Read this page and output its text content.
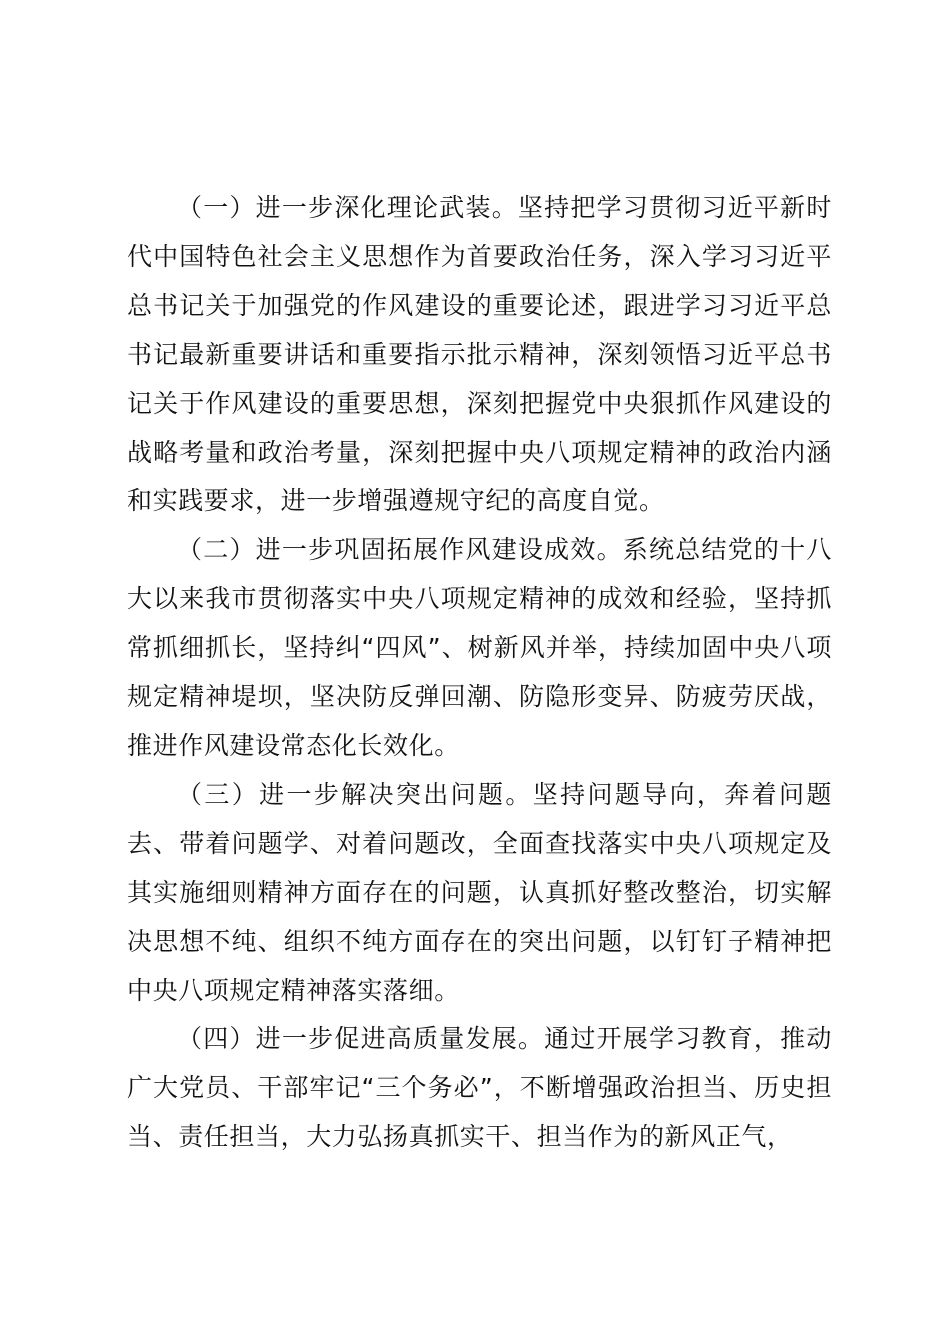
（一）进一步深化理论武装。坚持把学习贯彻习近平新时代中国特色社会主义思想作为首要政治任务，深入学习习近平总书记关于加强党的作风建设的重要论述，跟进学习习近平总书记最新重要讲话和重要指示批示精神，深刻领悟习近平总书记关于作风建设的重要思想，深刻把握党中央狠抓作风建设的战略考量和政治考量，深刻把握中央八项规定精神的政治内涵和实践要求，进一步增强遵规守纪的高度自觉。

（二）进一步巩固拓展作风建设成效。系统总结党的十八大以来我市贯彻落实中央八项规定精神的成效和经验，坚持抓常抓细抓长，坚持纠“四风”、树新风并举，持续加固中央八项规定精神堤坝，坚决防反弹回潮、防隐形变异、防疲劳厌战，推进作风建设常态化长效化。

（三）进一步解决突出问题。坚持问题导向，奔着问题去、带着问题学、对着问题改，全面查找落实中央八项规定及其实施细则精神方面存在的问题，认真抓好整改整治，切实解决思想不纯、组织不纯方面存在的突出问题，以钉钉子精神把中央八项规定精神落实落细。

（四）进一步促进高质量发展。通过开展学习教育，推动广大党员、干部牢记“三个务必”，不断增强政治担当、历史担当、责任担当，大力弘扬真抓实干、担当作为的新风正气，
